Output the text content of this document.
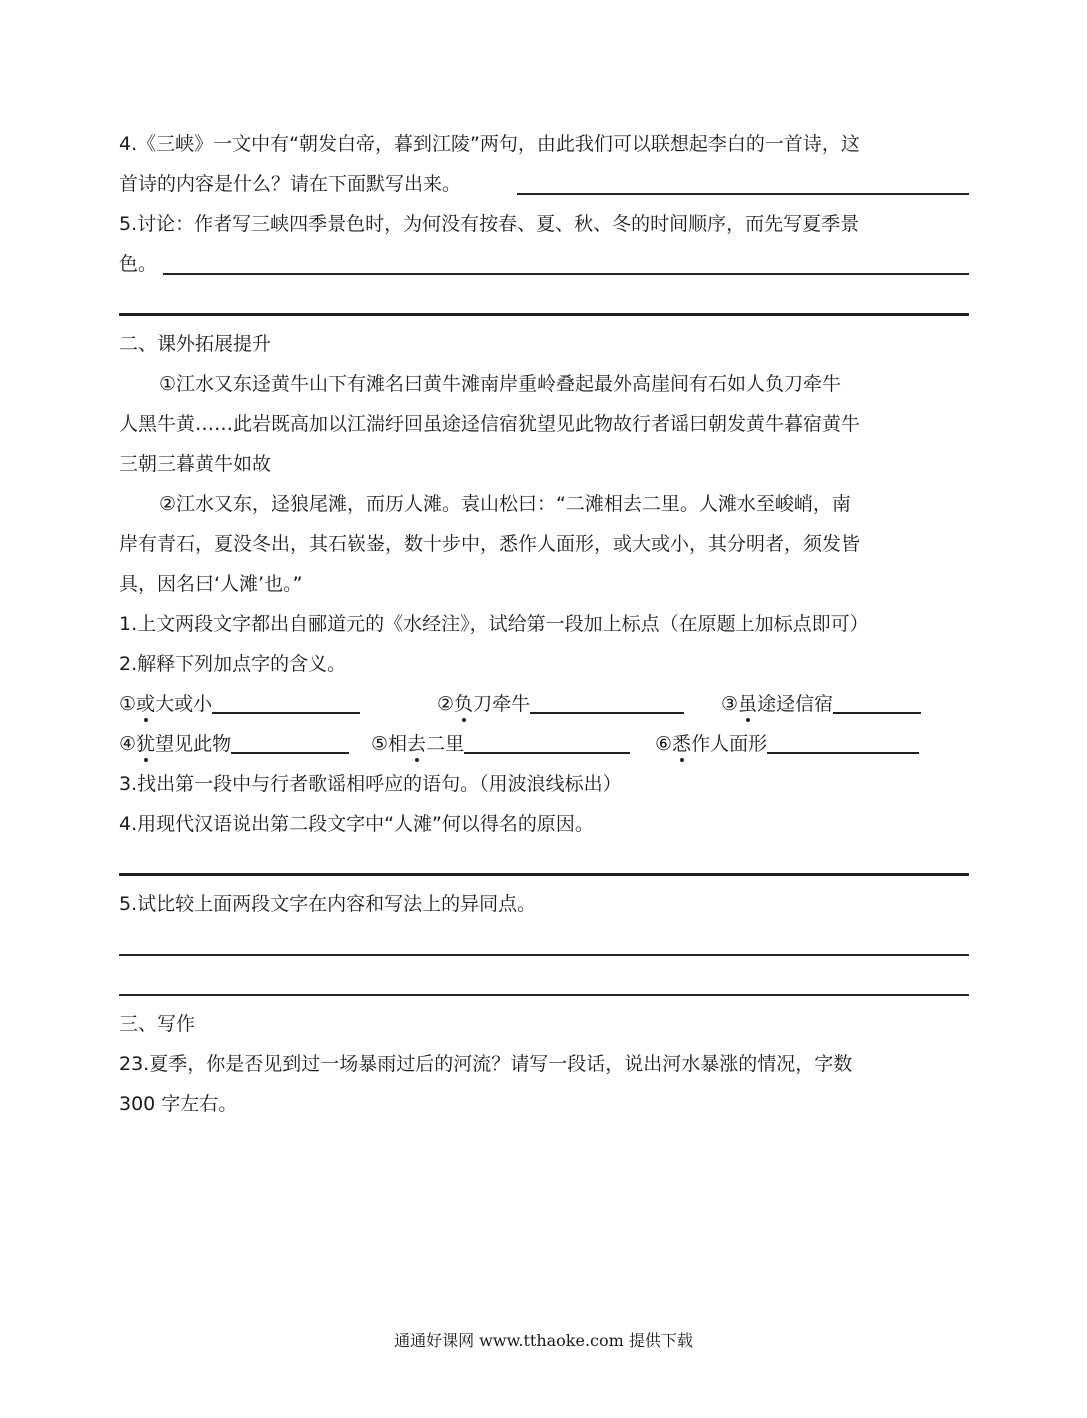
4.《三峡》一文中有“朝发白帝，暮到江陵”两句，由此我们可以联想起李白的一首诗，这
首诗的内容是什么？请在下面默写出来。
5.讨论：作者写三峡四季景色时，为何没有按春、夏、秋、冬的时间顺序，而先写夏季景
色。
二、课外拓展提升
①江水又东迳黄牛山下有滩名曰黄牛滩南岸重岭叠起最外高崖间有石如人负刀牵牛
人黑牛黄……此岩既高加以江湍纡回虽途迳信宿犹望见此物故行者谣曰朝发黄牛暮宿黄牛
三朝三暮黄牛如故
②江水又东，迳狼尾滩，而历人滩。袁山松曰：“二滩相去二里。人滩水至峻峭，南
岸有青石，夏没冬出，其石嵚崟，数十步中，悉作人面形，或大或小，其分明者，须发皆
具，因名曰‘人滩’也。”
1.上文两段文字都出自郦道元的《水经注》，试给第一段加上标点（在原题上加标点即可）
2.解释下列加点字的含义。
①或大或小	②负刀牵牛	③虽途迳信宿
④犹望见此物	⑤相去二里	⑥悉作人面形
3.找出第一段中与行者歌谣相呼应的语句。（用波浪线标出）
4.用现代汉语说出第二段文字中“人滩”何以得名的原因。
5.试比较上面两段文字在内容和写法上的异同点。
三、写作
23.夏季，你是否见到过一场暴雨过后的河流？请写一段话，说出河水暴涨的情况，字数
300 字左右。
通通好课网 www.tthaoke.com 提供下载
